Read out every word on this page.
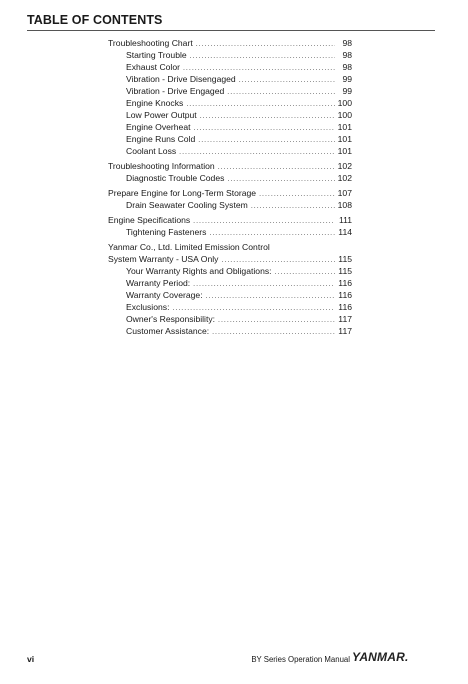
TABLE OF CONTENTS
Troubleshooting Chart .....	98
Starting Trouble .....	98
Exhaust Color .....	98
Vibration - Drive Disengaged .....	99
Vibration - Drive Engaged .....	99
Engine Knocks .....	100
Low Power Output .....	100
Engine Overheat .....	101
Engine Runs Cold .....	101
Coolant Loss .....	101
Troubleshooting Information .....	102
Diagnostic Trouble Codes .....	102
Prepare Engine for Long-Term Storage .....	107
Drain Seawater Cooling System .....	108
Engine Specifications .....	111
Tightening Fasteners .....	114
Yanmar Co., Ltd. Limited Emission Control
System Warranty - USA Only .....	115
Your Warranty Rights and Obligations: .....	115
Warranty Period: .....	116
Warranty Coverage: .....	116
Exclusions: .....	116
Owner's Responsibility: .....	117
Customer Assistance: .....	117
vi	BY Series Operation Manual YANMAR.
